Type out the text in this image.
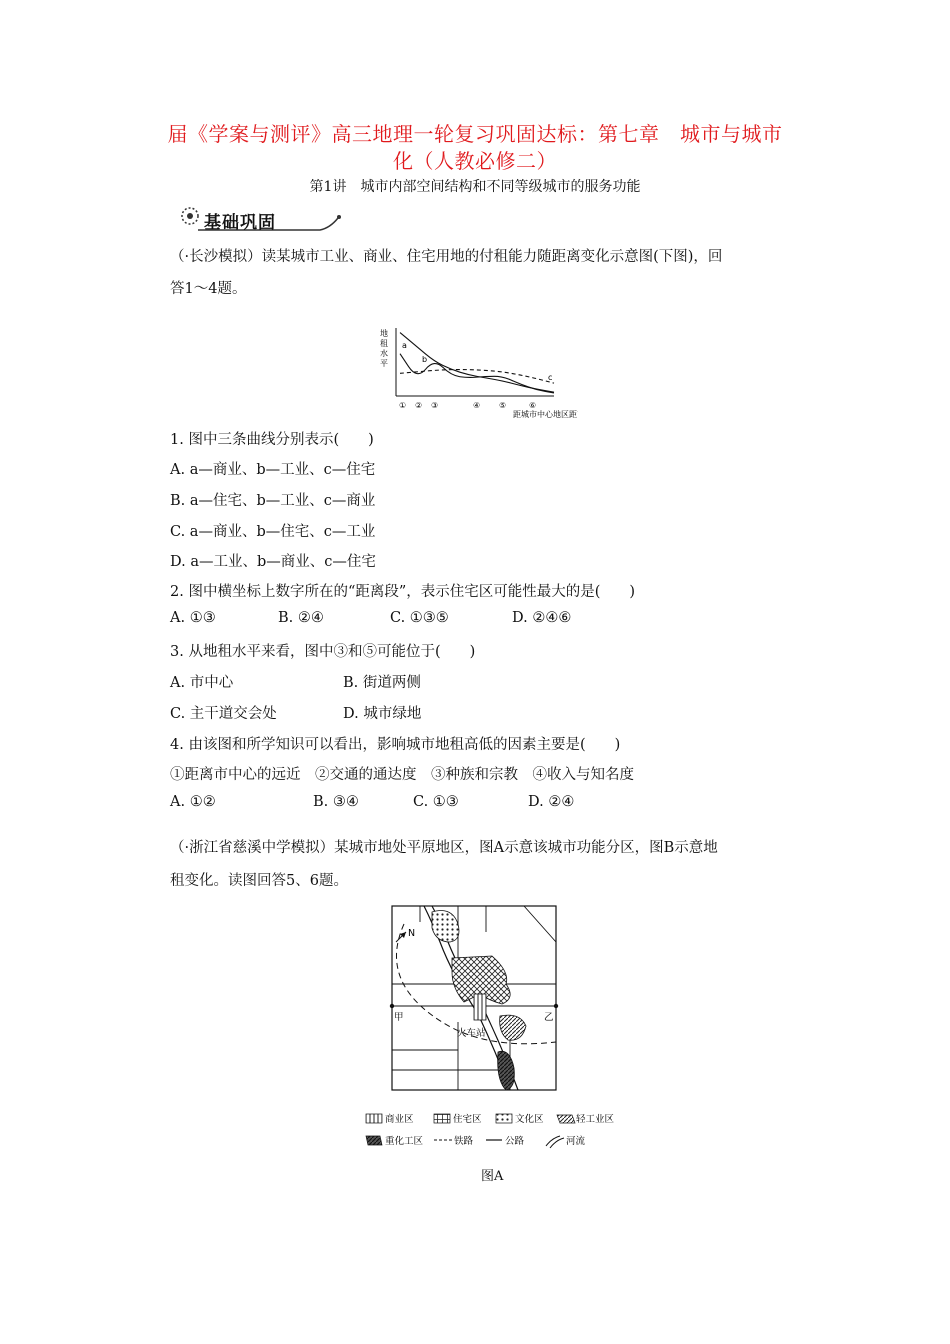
届《学案与测评》高三地理一轮复习巩固达标：第七章　城市与城市
化（人教必修二）
第1讲　城市内部空间结构和不同等级城市的服务功能
基础巩固
（·长沙模拟）读某城市工业、商业、住宅用地的付租能力随距离变化示意图(下图)，回
答1～4题。
地
租
水
平
距城市中心地区距离
① ② ③	④ ⑤	⑥
a
b
c
1. 图中三条曲线分别表示(　　)
A. a—商业、b—工业、c—住宅
B. a—住宅、b—工业、c—商业
C. a—商业、b—住宅、c—工业
D. a—工业、b—商业、c—住宅
2. 图中横坐标上数字所在的“距离段”，表示住宅区可能性最大的是(　　)
A. ①③	B. ②④	C. ①③⑤	D. ②④⑥
3. 从地租水平来看，图中③和⑤可能位于(　　)
A. 市中心	B. 街道两侧
C. 主干道交会处	D. 城市绿地
4. 由该图和所学知识可以看出，影响城市地租高低的因素主要是(　　)
①距离市中心的远近　②交通的通达度　③种族和宗教　④收入与知名度
A. ①②	B. ③④	C. ①③	D. ②④
（·浙江省慈溪中学模拟）某城市地处平原地区，图A示意该城市功能分区，图B示意地
租变化。读图回答5、6题。
甲	乙
火车站
N
商业区	住宅区	文化区	轻工业区
重化工区	铁路	公路	河流
图A
